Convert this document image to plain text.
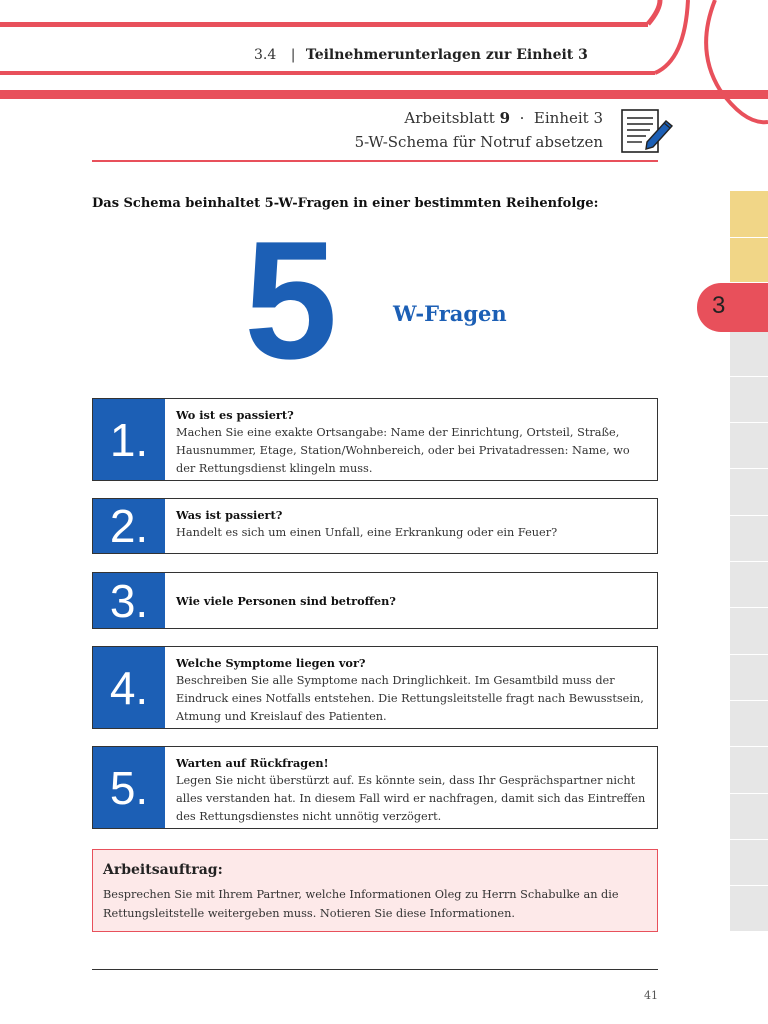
3.4 | Teilnehmerunterlagen zur Einheit 3
Arbeitsblatt 9 · Einheit 3
5-W-Schema für Notruf absetzen
Das Schema beinhaltet 5-W-Fragen in einer bestimmten Reihenfolge:
5	W-Fragen
1.	Wo ist es passiert?
Machen Sie eine exakte Ortsangabe: Name der Einrichtung, Ortsteil, Straße, Hausnummer, Etage, Station/Wohnbereich, oder bei Privatadressen: Name, wo der Rettungsdienst klingeln muss.
2.	Was ist passiert?
Handelt es sich um einen Unfall, eine Erkrankung oder ein Feuer?
3.	Wie viele Personen sind betroffen?
4.	Welche Symptome liegen vor?
Beschreiben Sie alle Symptome nach Dringlichkeit. Im Gesamtbild muss der Eindruck eines Notfalls entstehen. Die Rettungsleitstelle fragt nach Bewusstsein, Atmung und Kreislauf des Patienten.
5.	Warten auf Rückfragen!
Legen Sie nicht überstürzt auf. Es könnte sein, dass Ihr Gesprächspartner nicht alles verstanden hat. In diesem Fall wird er nachfragen, damit sich das Eintreffen des Rettungsdienstes nicht unnötig verzögert.
Arbeitsauftrag:
Besprechen Sie mit Ihrem Partner, welche Informationen Oleg zu Herrn Schabulke an die Rettungsleitstelle weitergeben muss. Notieren Sie diese Informationen.
41
3
